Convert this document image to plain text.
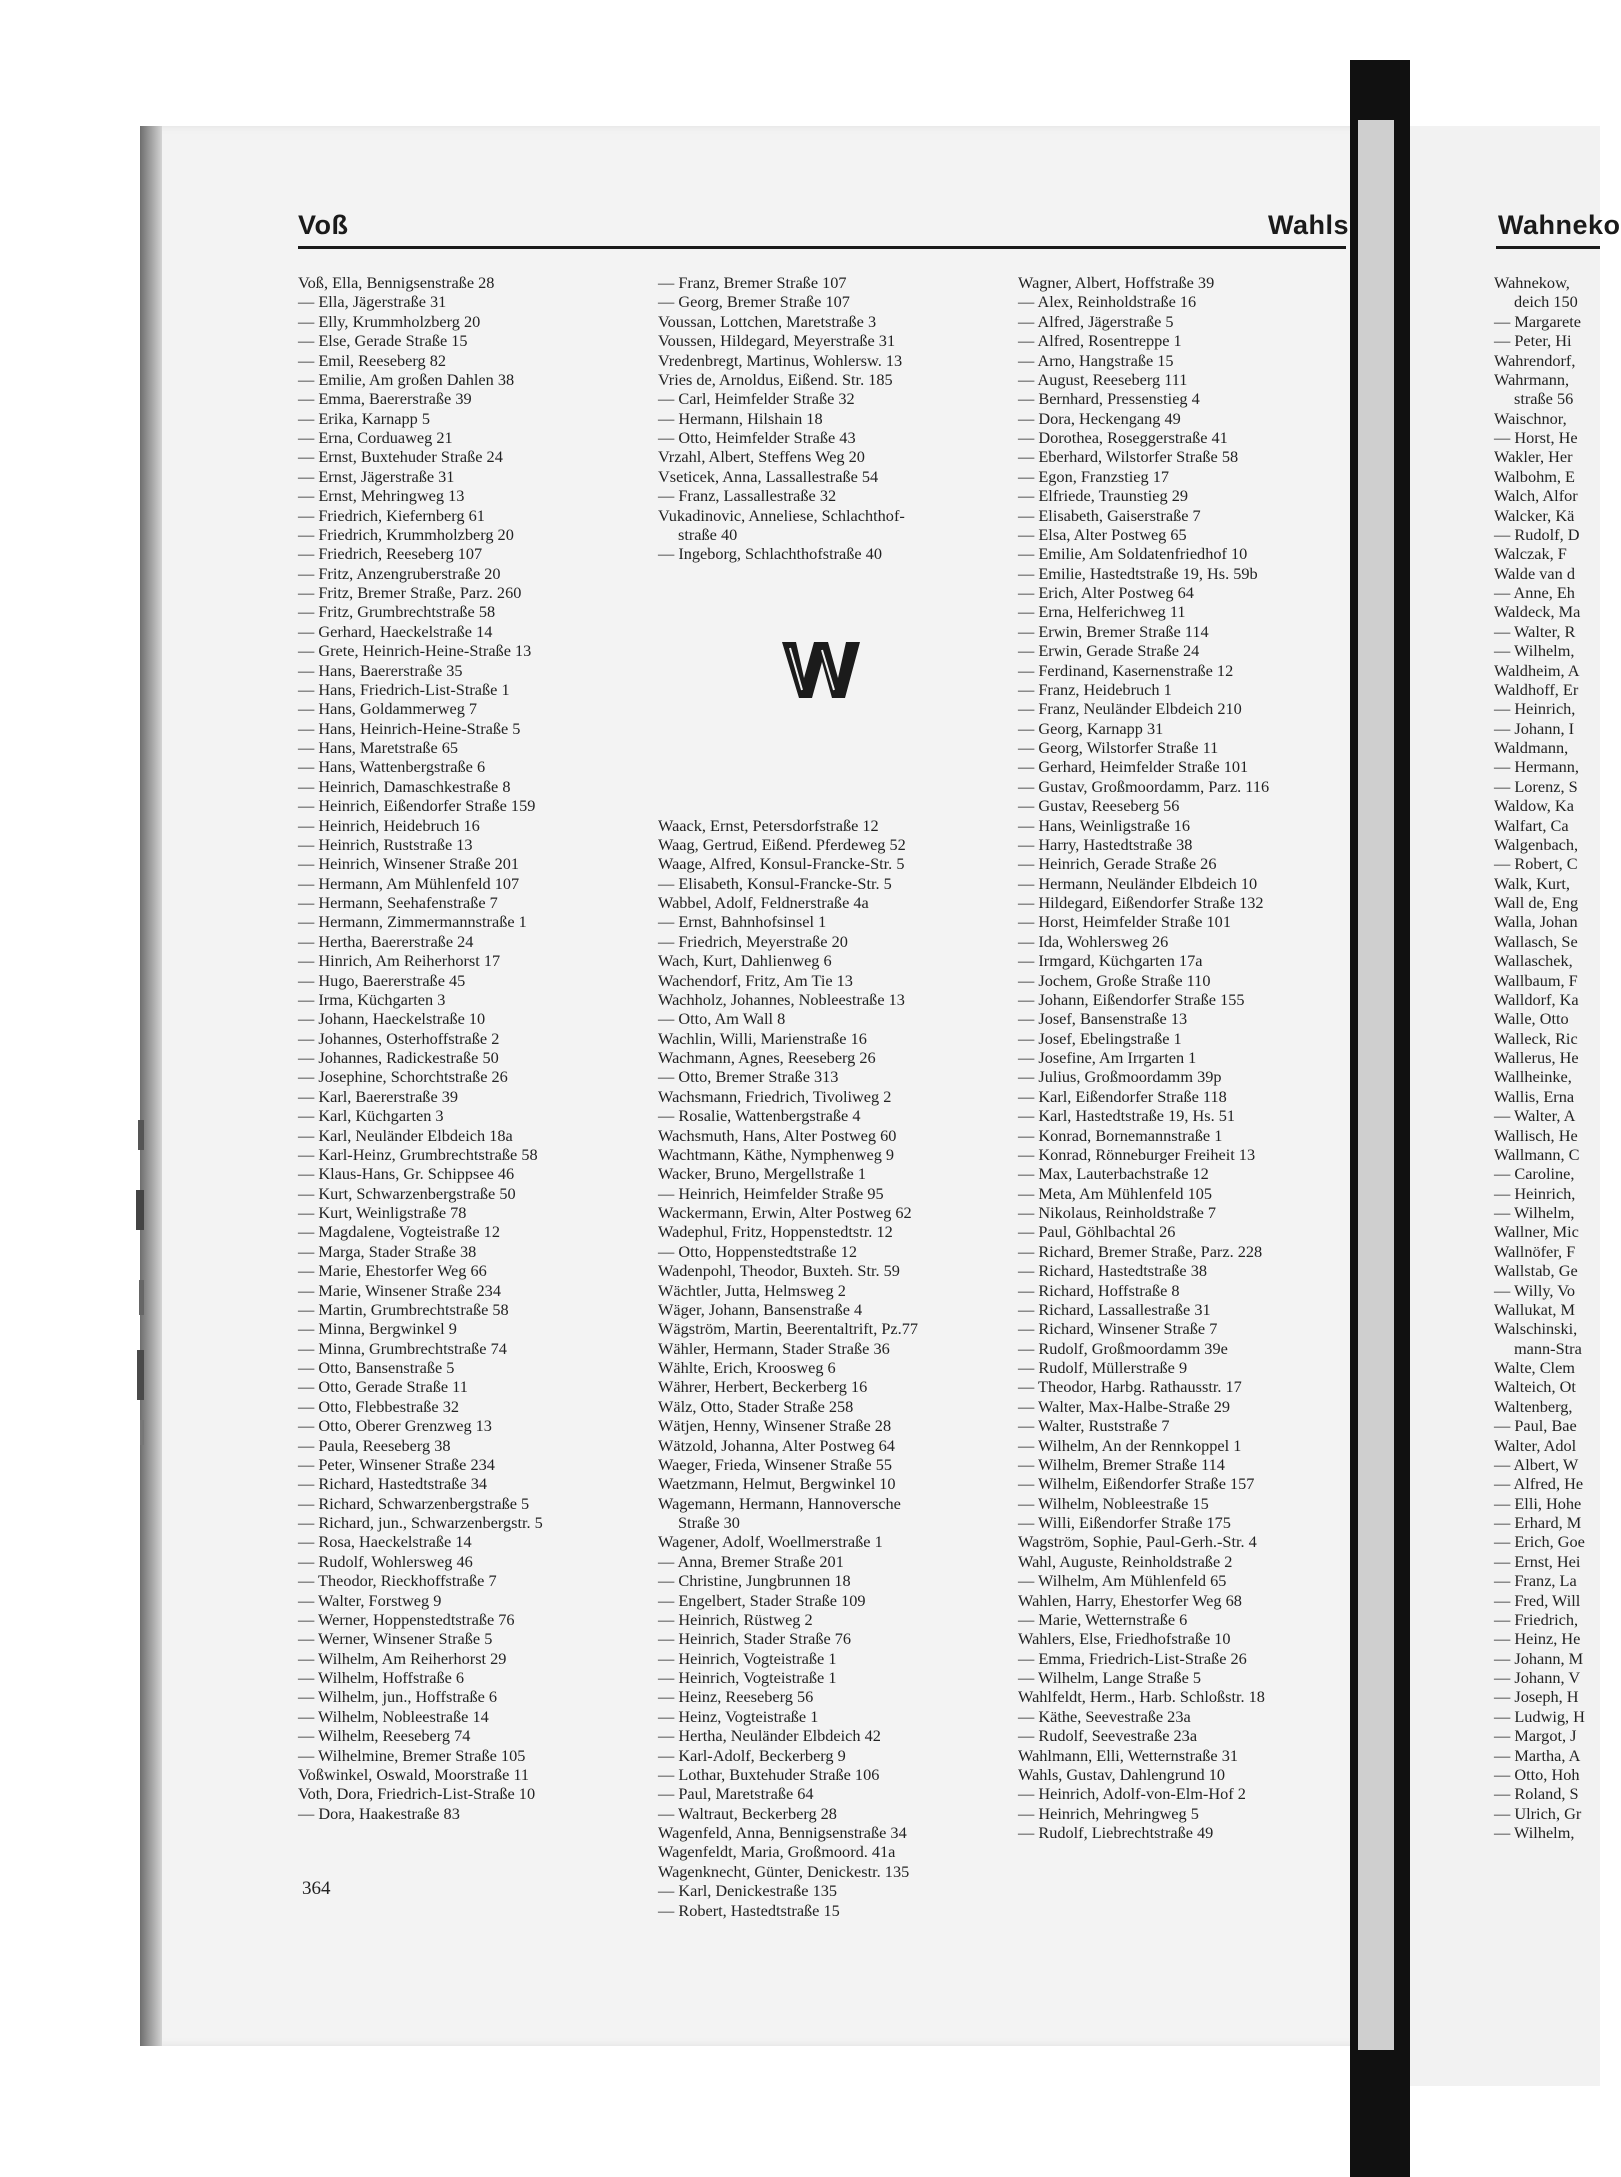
Voß	Wahls	Wahneko
Voß, Ella, Bennigsenstraße 28
— Ella, Jägerstraße 31
— Elly, Krummholzberg 20
— Else, Gerade Straße 15
— Emil, Reeseberg 82
— Emilie, Am großen Dahlen 38
— Emma, Baererstraße 39
— Erika, Karnapp 5
— Erna, Corduaweg 21
— Ernst, Buxtehuder Straße 24
— Ernst, Jägerstraße 31
— Ernst, Mehringweg 13
— Friedrich, Kiefernberg 61
— Friedrich, Krummholzberg 20
— Friedrich, Reeseberg 107
— Fritz, Anzengruberstraße 20
— Fritz, Bremer Straße, Parz. 260
— Fritz, Grumbrechtstraße 58
— Gerhard, Haeckelstraße 14
— Grete, Heinrich-Heine-Straße 13
— Hans, Baererstraße 35
— Hans, Friedrich-List-Straße 1
— Hans, Goldammerweg 7
— Hans, Heinrich-Heine-Straße 5
— Hans, Maretstraße 65
— Hans, Wattenbergstraße 6
— Heinrich, Damaschkestraße 8
— Heinrich, Eißendorfer Straße 159
— Heinrich, Heidebruch 16
— Heinrich, Ruststraße 13
— Heinrich, Winsener Straße 201
— Hermann, Am Mühlenfeld 107
— Hermann, Seehafenstraße 7
— Hermann, Zimmermannstraße 1
— Hertha, Baererstraße 24
— Hinrich, Am Reiherhorst 17
— Hugo, Baererstraße 45
— Irma, Küchgarten 3
— Johann, Haeckelstraße 10
— Johannes, Osterhoffstraße 2
— Johannes, Radickestraße 50
— Josephine, Schorchtstraße 26
— Karl, Baererstraße 39
— Karl, Küchgarten 3
— Karl, Neuländer Elbdeich 18a
— Karl-Heinz, Grumbrechtstraße 58
— Klaus-Hans, Gr. Schippsee 46
— Kurt, Schwarzenbergstraße 50
— Kurt, Weinligstraße 78
— Magdalene, Vogteistraße 12
— Marga, Stader Straße 38
— Marie, Ehestorfer Weg 66
— Marie, Winsener Straße 234
— Martin, Grumbrechtstraße 58
— Minna, Bergwinkel 9
— Minna, Grumbrechtstraße 74
— Otto, Bansenstraße 5
— Otto, Gerade Straße 11
— Otto, Flebbestraße 32
— Otto, Oberer Grenzweg 13
— Paula, Reeseberg 38
— Peter, Winsener Straße 234
— Richard, Hastedtstraße 34
— Richard, Schwarzenbergstraße 5
— Richard, jun., Schwarzenbergstr. 5
— Rosa, Haeckelstraße 14
— Rudolf, Wohlersweg 46
— Theodor, Rieckhoffstraße 7
— Walter, Forstweg 9
— Werner, Hoppenstedtstraße 76
— Werner, Winsener Straße 5
— Wilhelm, Am Reiherhorst 29
— Wilhelm, Hoffstraße 6
— Wilhelm, jun., Hoffstraße 6
— Wilhelm, Nobleestraße 14
— Wilhelm, Reeseberg 74
— Wilhelmine, Bremer Straße 105
Voßwinkel, Oswald, Moorstraße 11
Voth, Dora, Friedrich-List-Straße 10
— Dora, Haakestraße 83
— Franz, Bremer Straße 107
— Georg, Bremer Straße 107
Voussan, Lottchen, Maretstraße 3
Voussen, Hildegard, Meyerstraße 31
Vredenbregt, Martinus, Wohlersw. 13
Vries de, Arnoldus, Eißend. Str. 185
— Carl, Heimfelder Straße 32
— Hermann, Hilshain 18
— Otto, Heimfelder Straße 43
Vrzahl, Albert, Steffens Weg 20
Vseticek, Anna, Lassallestraße 54
— Franz, Lassallestraße 32
Vukadinovic, Anneliese, Schlachthof-
straße 40
— Ingeborg, Schlachthofstraße 40
Waack, Ernst, Petersdorfstraße 12
Waag, Gertrud, Eißend. Pferdeweg 52
Waage, Alfred, Konsul-Francke-Str. 5
— Elisabeth, Konsul-Francke-Str. 5
Wabbel, Adolf, Feldnerstraße 4a
— Ernst, Bahnhofsinsel 1
— Friedrich, Meyerstraße 20
Wach, Kurt, Dahlienweg 6
Wachendorf, Fritz, Am Tie 13
Wachholz, Johannes, Nobleestraße 13
— Otto, Am Wall 8
Wachlin, Willi, Marienstraße 16
Wachmann, Agnes, Reeseberg 26
— Otto, Bremer Straße 313
Wachsmann, Friedrich, Tivoliweg 2
— Rosalie, Wattenbergstraße 4
Wachsmuth, Hans, Alter Postweg 60
Wachtmann, Käthe, Nymphenweg 9
Wacker, Bruno, Mergellstraße 1
— Heinrich, Heimfelder Straße 95
Wackermann, Erwin, Alter Postweg 62
Wadephul, Fritz, Hoppenstedtstr. 12
— Otto, Hoppenstedtstraße 12
Wadenpohl, Theodor, Buxteh. Str. 59
Wächtler, Jutta, Helmsweg 2
Wäger, Johann, Bansenstraße 4
Wägström, Martin, Beerentaltrift, Pz.77
Wähler, Hermann, Stader Straße 36
Wählte, Erich, Kroosweg 6
Währer, Herbert, Beckerberg 16
Wälz, Otto, Stader Straße 258
Wätjen, Henny, Winsener Straße 28
Wätzold, Johanna, Alter Postweg 64
Waeger, Frieda, Winsener Straße 55
Waetzmann, Helmut, Bergwinkel 10
Wagemann, Hermann, Hannoversche
Straße 30
Wagener, Adolf, Woellmerstraße 1
— Anna, Bremer Straße 201
— Christine, Jungbrunnen 18
— Engelbert, Stader Straße 109
— Heinrich, Rüstweg 2
— Heinrich, Stader Straße 76
— Heinrich, Vogteistraße 1
— Heinrich, Vogteistraße 1
— Heinz, Reeseberg 56
— Heinz, Vogteistraße 1
— Hertha, Neuländer Elbdeich 42
— Karl-Adolf, Beckerberg 9
— Lothar, Buxtehuder Straße 106
— Paul, Maretstraße 64
— Waltraut, Beckerberg 28
Wagenfeld, Anna, Bennigsenstraße 34
Wagenfeldt, Maria, Großmoord. 41a
Wagenknecht, Günter, Denickestr. 135
— Karl, Denickestraße 135
— Robert, Hastedtstraße 15
Wagner, Albert, Hoffstraße 39
— Alex, Reinholdstraße 16
— Alfred, Jägerstraße 5
— Alfred, Rosentreppe 1
— Arno, Hangstraße 15
— August, Reeseberg 111
— Bernhard, Pressenstieg 4
— Dora, Heckengang 49
— Dorothea, Roseggerstraße 41
— Eberhard, Wilstorfer Straße 58
— Egon, Franzstieg 17
— Elfriede, Traunstieg 29
— Elisabeth, Gaiserstraße 7
— Elsa, Alter Postweg 65
— Emilie, Am Soldatenfriedhof 10
— Emilie, Hastedtstraße 19, Hs. 59b
— Erich, Alter Postweg 64
— Erna, Helferichweg 11
— Erwin, Bremer Straße 114
— Erwin, Gerade Straße 24
— Ferdinand, Kasernenstraße 12
— Franz, Heidebruch 1
— Franz, Neuländer Elbdeich 210
— Georg, Karnapp 31
— Georg, Wilstorfer Straße 11
— Gerhard, Heimfelder Straße 101
— Gustav, Großmoordamm, Parz. 116
— Gustav, Reeseberg 56
— Hans, Weinligstraße 16
— Harry, Hastedtstraße 38
— Heinrich, Gerade Straße 26
— Hermann, Neuländer Elbdeich 10
— Hildegard, Eißendorfer Straße 132
— Horst, Heimfelder Straße 101
— Ida, Wohlersweg 26
— Irmgard, Küchgarten 17a
— Jochem, Große Straße 110
— Johann, Eißendorfer Straße 155
— Josef, Bansenstraße 13
— Josef, Ebelingstraße 1
— Josefine, Am Irrgarten 1
— Julius, Großmoordamm 39p
— Karl, Eißendorfer Straße 118
— Karl, Hastedtstraße 19, Hs. 51
— Konrad, Bornemannstraße 1
— Konrad, Rönneburger Freiheit 13
— Max, Lauterbachstraße 12
— Meta, Am Mühlenfeld 105
— Nikolaus, Reinholdstraße 7
— Paul, Göhlbachtal 26
— Richard, Bremer Straße, Parz. 228
— Richard, Hastedtstraße 38
— Richard, Hoffstraße 8
— Richard, Lassallestraße 31
— Richard, Winsener Straße 7
— Rudolf, Großmoordamm 39e
— Rudolf, Müllerstraße 9
— Theodor, Harbg. Rathausstr. 17
— Walter, Max-Halbe-Straße 29
— Walter, Ruststraße 7
— Wilhelm, An der Rennkoppel 1
— Wilhelm, Bremer Straße 114
— Wilhelm, Eißendorfer Straße 157
— Wilhelm, Nobleestraße 15
— Willi, Eißendorfer Straße 175
Wagström, Sophie, Paul-Gerh.-Str. 4
Wahl, Auguste, Reinholdstraße 2
— Wilhelm, Am Mühlenfeld 65
Wahlen, Harry, Ehestorfer Weg 68
— Marie, Wetternstraße 6
Wahlers, Else, Friedhofstraße 10
— Emma, Friedrich-List-Straße 26
— Wilhelm, Lange Straße 5
Wahlfeldt, Herm., Harb. Schloßstr. 18
— Käthe, Seevestraße 23a
— Rudolf, Seevestraße 23a
Wahlmann, Elli, Wetternstraße 31
Wahls, Gustav, Dahlengrund 10
— Heinrich, Adolf-von-Elm-Hof 2
— Heinrich, Mehringweg 5
— Rudolf, Liebrechtstraße 49
Wahnekow,
deich 150
— Margarete
— Peter, Hi
Wahrendorf,
Wahrmann,
straße 56
Waischnor,
— Horst, He
Wakler, Her
Walbohm, E
Walch, Alfor
Walcker, Kä
— Rudolf, D
Walczak, F
Walde van d
— Anne, Eh
Waldeck, Ma
— Walter, R
— Wilhelm,
Waldheim, A
Waldhoff, Er
— Heinrich,
— Johann, I
Waldmann,
— Hermann,
— Lorenz, S
Waldow, Ka
Walfart, Ca
Walgenbach,
— Robert, C
Walk, Kurt,
Wall de, Eng
Walla, Johan
Wallasch, Se
Wallaschek,
Wallbaum, F
Walldorf, Ka
Walle, Otto
Walleck, Ric
Wallerus, He
Wallheinke,
Wallis, Erna
— Walter, A
Wallisch, He
Wallmann, C
— Caroline,
— Heinrich,
— Wilhelm,
Wallner, Mic
Wallnöfer, F
Wallstab, Ge
— Willy, Vo
Wallukat, M
Walschinski,
mann-Stra
Walte, Clem
Walteich, Ot
Waltenberg,
— Paul, Bae
Walter, Adol
— Albert, W
— Alfred, He
— Elli, Hohe
— Erhard, M
— Erich, Goe
— Ernst, Hei
— Franz, La
— Fred, Will
— Friedrich,
— Heinz, He
— Johann, M
— Johann, V
— Joseph, H
— Ludwig, H
— Margot, J
— Martha, A
— Otto, Hoh
— Roland, S
— Ulrich, Gr
— Wilhelm,
364
